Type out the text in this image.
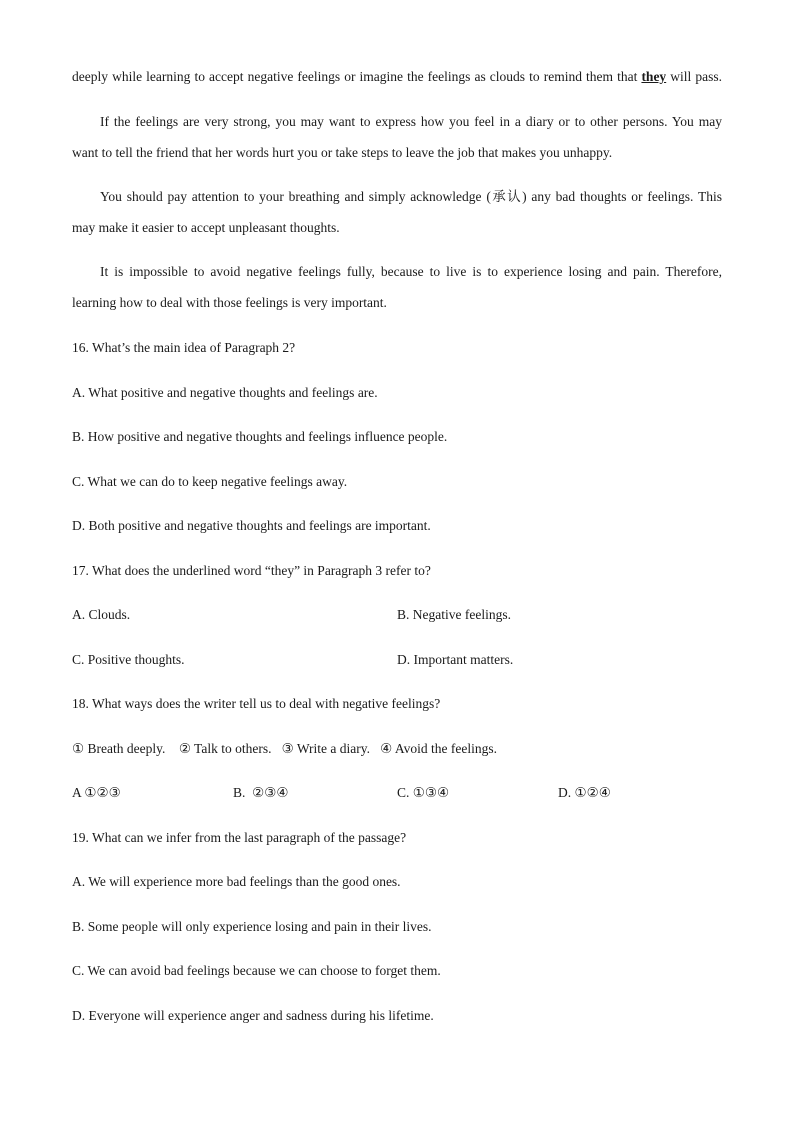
deeply while learning to accept negative feelings or imagine the feelings as clouds to remind them that they will pass.
If the feelings are very strong, you may want to express how you feel in a diary or to other persons. You may
want to tell the friend that her words hurt you or take steps to leave the job that makes you unhappy.
You should pay attention to your breathing and simply acknowledge (承认) any bad thoughts or feelings. This
may make it easier to accept unpleasant thoughts.
It is impossible to avoid negative feelings fully, because to live is to experience losing and pain. Therefore,
learning how to deal with those feelings is very important.
16. What’s the main idea of Paragraph 2?
A. What positive and negative thoughts and feelings are.
B. How positive and negative thoughts and feelings influence people.
C. What we can do to keep negative feelings away.
D. Both positive and negative thoughts and feelings are important.
17. What does the underlined word “they” in Paragraph 3 refer to?
A. Clouds.	B. Negative feelings.
C. Positive thoughts.	D. Important matters.
18. What ways does the writer tell us to deal with negative feelings?
① Breath deeply.    ② Talk to others.   ③ Write a diary.   ④ Avoid the feelings.
A ①②③	B.  ②③④	C. ①③④	D. ①②④
19. What can we infer from the last paragraph of the passage?
A. We will experience more bad feelings than the good ones.
B. Some people will only experience losing and pain in their lives.
C. We can avoid bad feelings because we can choose to forget them.
D. Everyone will experience anger and sadness during his lifetime.
